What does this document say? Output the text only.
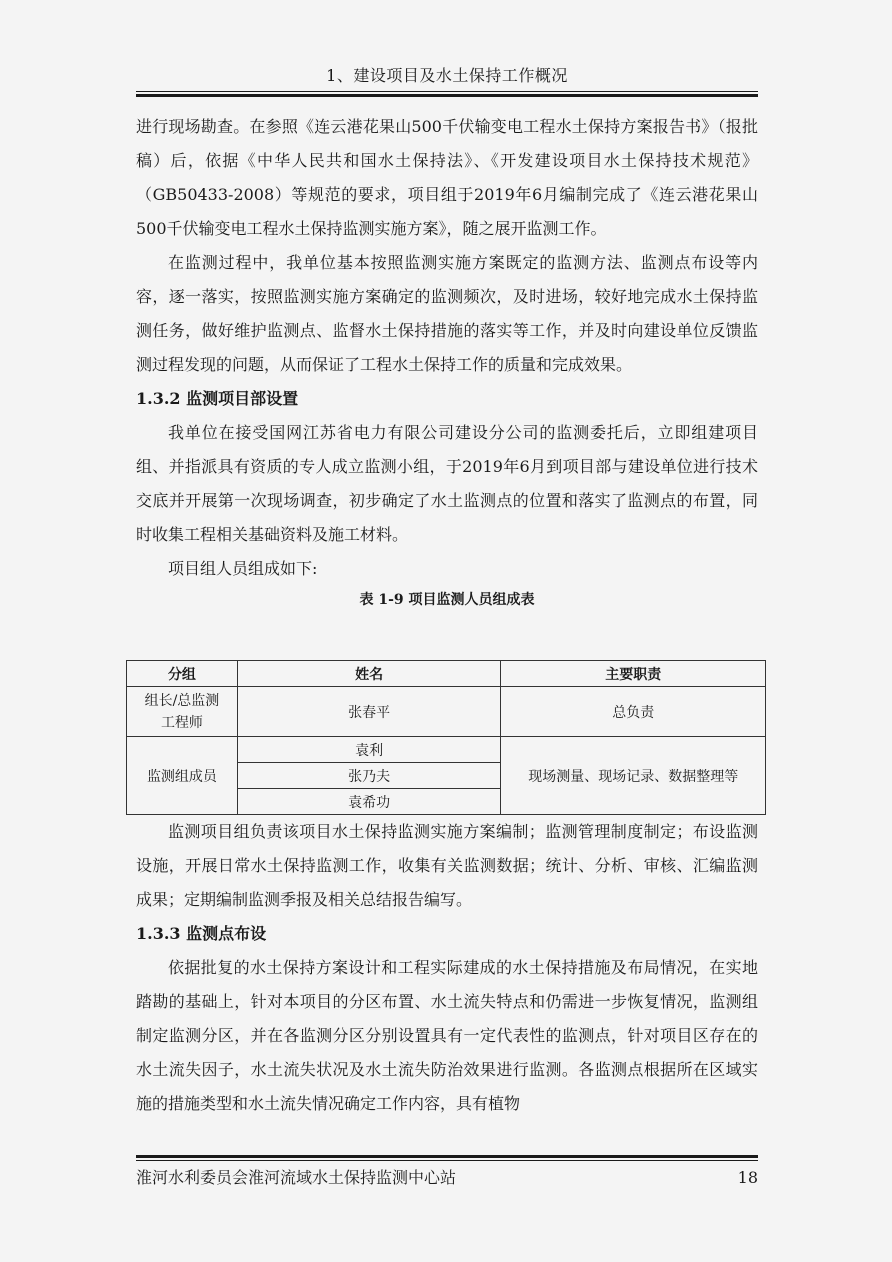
1、建设项目及水土保持工作概况

进行现场勘查。在参照《连云港花果山500千伏输变电工程水土保持方案报告书》（报批稿）后，依据《中华人民共和国水土保持法》、《开发建设项目水土保持技术规范》（GB50433-2008）等规范的要求，项目组于2019年6月编制完成了《连云港花果山500千伏输变电工程水土保持监测实施方案》，随之展开监测工作。

在监测过程中，我单位基本按照监测实施方案既定的监测方法、监测点布设等内容，逐一落实，按照监测实施方案确定的监测频次，及时进场，较好地完成水土保持监测任务，做好维护监测点、监督水土保持措施的落实等工作，并及时向建设单位反馈监测过程发现的问题，从而保证了工程水土保持工作的质量和完成效果。

1.3.2 监测项目部设置

我单位在接受国网江苏省电力有限公司建设分公司的监测委托后，立即组建项目组、并指派具有资质的专人成立监测小组，于2019年6月到项目部与建设单位进行技术交底并开展第一次现场调查，初步确定了水土监测点的位置和落实了监测点的布置，同时收集工程相关基础资料及施工材料。

项目组人员组成如下:

表 1-9 项目监测人员组成表
分组	姓名	主要职责
组长/总监测工程师	张春平	总负责
监测组成员	袁利	现场测量、现场记录、数据整理等
	张乃夫	
	袁希功	

监测项目组负责该项目水土保持监测实施方案编制；监测管理制度制定；布设监测设施，开展日常水土保持监测工作，收集有关监测数据；统计、分析、审核、汇编监测成果；定期编制监测季报及相关总结报告编写。

1.3.3 监测点布设

依据批复的水土保持方案设计和工程实际建成的水土保持措施及布局情况，在实地踏勘的基础上，针对本项目的分区布置、水土流失特点和仍需进一步恢复情况，监测组制定监测分区，并在各监测分区分别设置具有一定代表性的监测点，针对项目区存在的水土流失因子，水土流失状况及水土流失防治效果进行监测。各监测点根据所在区域实施的措施类型和水土流失情况确定工作内容，具有植物

淮河水利委员会淮河流域水土保持监测中心站	18
